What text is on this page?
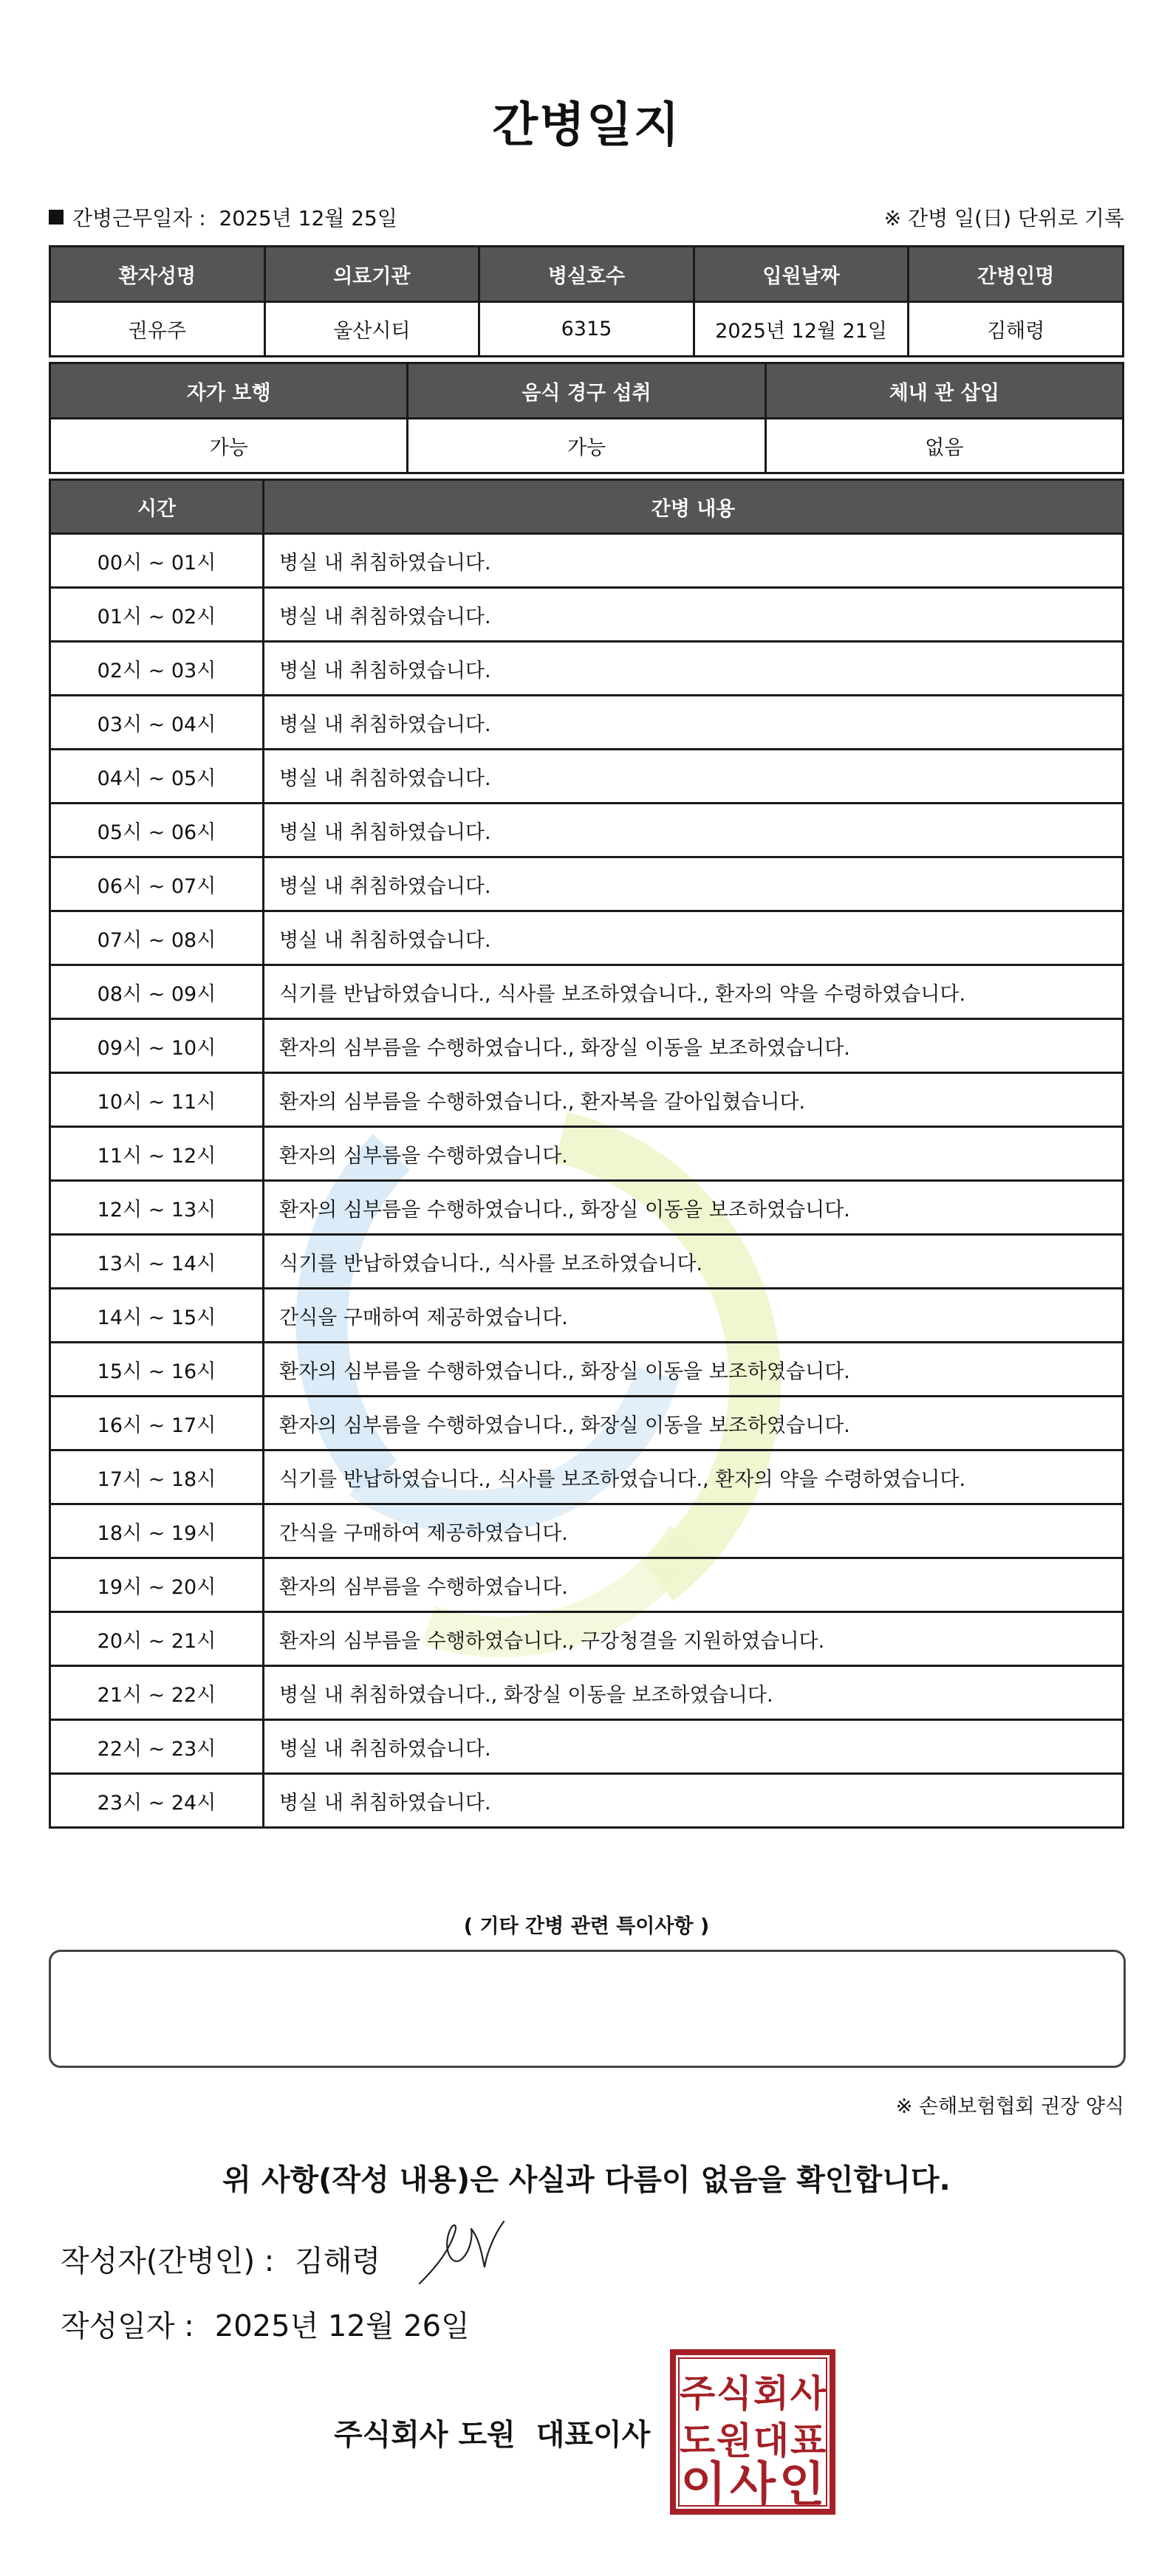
간병일지
간병근무일자 : 2025년 12월 25일	※ 간병 일(日) 단위로 기록
환자성명	의료기관	병실호수	입원날짜	간병인명
권유주	울산시티	6315	2025년 12월 21일	김해령
자가 보행	음식 경구 섭취	체내 관 삽입
가능	가능	없음
시간	간병 내용
00시 ~ 01시	병실 내 취침하였습니다.
01시 ~ 02시	병실 내 취침하였습니다.
02시 ~ 03시	병실 내 취침하였습니다.
03시 ~ 04시	병실 내 취침하였습니다.
04시 ~ 05시	병실 내 취침하였습니다.
05시 ~ 06시	병실 내 취침하였습니다.
06시 ~ 07시	병실 내 취침하였습니다.
07시 ~ 08시	병실 내 취침하였습니다.
08시 ~ 09시	식기를 반납하였습니다., 식사를 보조하였습니다., 환자의 약을 수령하였습니다.
09시 ~ 10시	환자의 심부름을 수행하였습니다., 화장실 이동을 보조하였습니다.
10시 ~ 11시	환자의 심부름을 수행하였습니다., 환자복을 갈아입혔습니다.
11시 ~ 12시	환자의 심부름을 수행하였습니다.
12시 ~ 13시	환자의 심부름을 수행하였습니다., 화장실 이동을 보조하였습니다.
13시 ~ 14시	식기를 반납하였습니다., 식사를 보조하였습니다.
14시 ~ 15시	간식을 구매하여 제공하였습니다.
15시 ~ 16시	환자의 심부름을 수행하였습니다., 화장실 이동을 보조하였습니다.
16시 ~ 17시	환자의 심부름을 수행하였습니다., 화장실 이동을 보조하였습니다.
17시 ~ 18시	식기를 반납하였습니다., 식사를 보조하였습니다., 환자의 약을 수령하였습니다.
18시 ~ 19시	간식을 구매하여 제공하였습니다.
19시 ~ 20시	환자의 심부름을 수행하였습니다.
20시 ~ 21시	환자의 심부름을 수행하였습니다., 구강청결을 지원하였습니다.
21시 ~ 22시	병실 내 취침하였습니다., 화장실 이동을 보조하였습니다.
22시 ~ 23시	병실 내 취침하였습니다.
23시 ~ 24시	병실 내 취침하였습니다.
( 기타 간병 관련 특이사항 )
※ 손해보험협회 권장 양식
위 사항(작성 내용)은 사실과 다름이 없음을 확인합니다.
작성자(간병인) : 김해령
작성일자 : 2025년 12월 26일
주식회사 도원 대표이사
주 식 회 사
도 원 대 표
이 사 인
